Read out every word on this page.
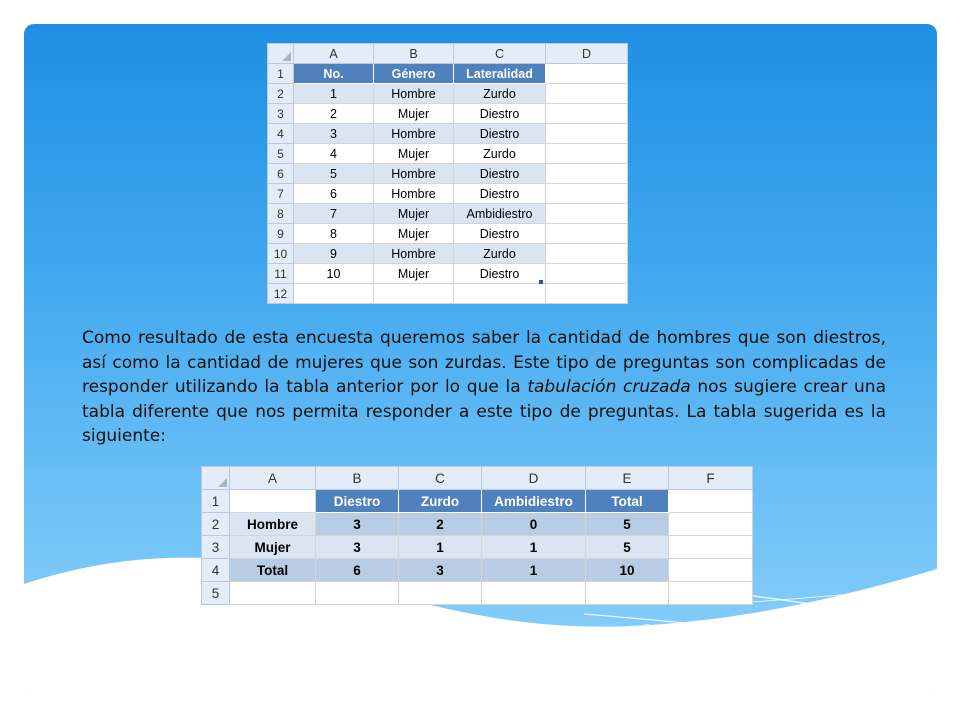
	A	B	C	D
1	No.	Género	Lateralidad	
2	1	Hombre	Zurdo	
3	2	Mujer	Diestro	
4	3	Hombre	Diestro	
5	4	Mujer	Zurdo	
6	5	Hombre	Diestro	
7	6	Hombre	Diestro	
8	7	Mujer	Ambidiestro	
9	8	Mujer	Diestro	
10	9	Hombre	Zurdo	
11	10	Mujer	Diestro	
12				
Como resultado de esta encuesta queremos saber la cantidad de hombres que son diestros, así como la cantidad de mujeres que son zurdas. Este tipo de preguntas son complicadas de responder utilizando la tabla anterior por lo que la tabulación cruzada nos sugiere crear una tabla diferente que nos permita responder a este tipo de preguntas. La tabla sugerida es la siguiente:
	A	B	C	D	E	F
1		Diestro	Zurdo	Ambidiestro	Total	
2	Hombre	3	2	0	5	
3	Mujer	3	1	1	5	
4	Total	6	3	1	10	
5						
